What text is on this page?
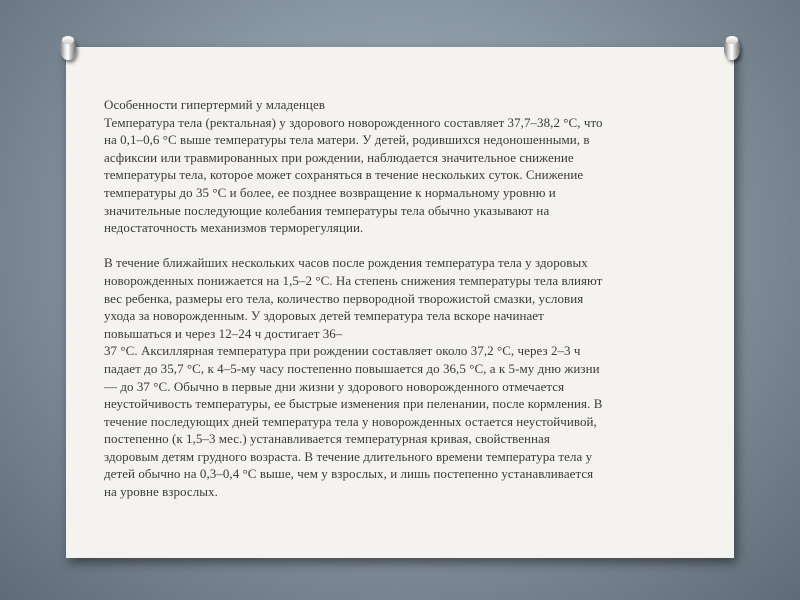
Особенности гипертермий у младенцев
Температура тела (ректальная) у здорового новорожденного составляет 37,7–38,2 °С, что
на 0,1–0,6 °С выше температуры тела матери. У детей, родившихся недоношенными, в
асфиксии или травмированных при рождении, наблюдается значительное снижение
температуры тела, которое может сохраняться в течение нескольких суток. Снижение
температуры до 35 °С и более, ее позднее возвращение к нормальному уровню и
значительные последующие колебания температуры тела обычно указывают на
недостаточность механизмов терморегуляции.
В течение ближайших нескольких часов после рождения температура тела у здоровых
новорожденных понижается на 1,5–2 °С. На степень снижения температуры тела влияют
вес ребенка, размеры его тела, количество первородной творожистой смазки, условия
ухода за новорожденным. У здоровых детей температура тела вскоре начинает
повышаться и через 12–24 ч достигает 36–
37 °С. Аксиллярная температура при рождении составляет около 37,2 °С, через 2–3 ч
падает до 35,7 °С, к 4–5-му часу постепенно повышается до 36,5 °С, а к 5-му дню жизни
— до 37 °С. Обычно в первые дни жизни у здорового новорожденного отмечается
неустойчивость температуры, ее быстрые изменения при пеленании, после кормления. В
течение последующих дней температура тела у новорожденных остается неустойчивой,
постепенно (к 1,5–3 мес.) устанавливается температурная кривая, свойственная
здоровым детям грудного возраста. В течение длительного времени температура тела у
детей обычно на 0,3–0,4 °С выше, чем у взрослых, и лишь постепенно устанавливается
на уровне взрослых.
